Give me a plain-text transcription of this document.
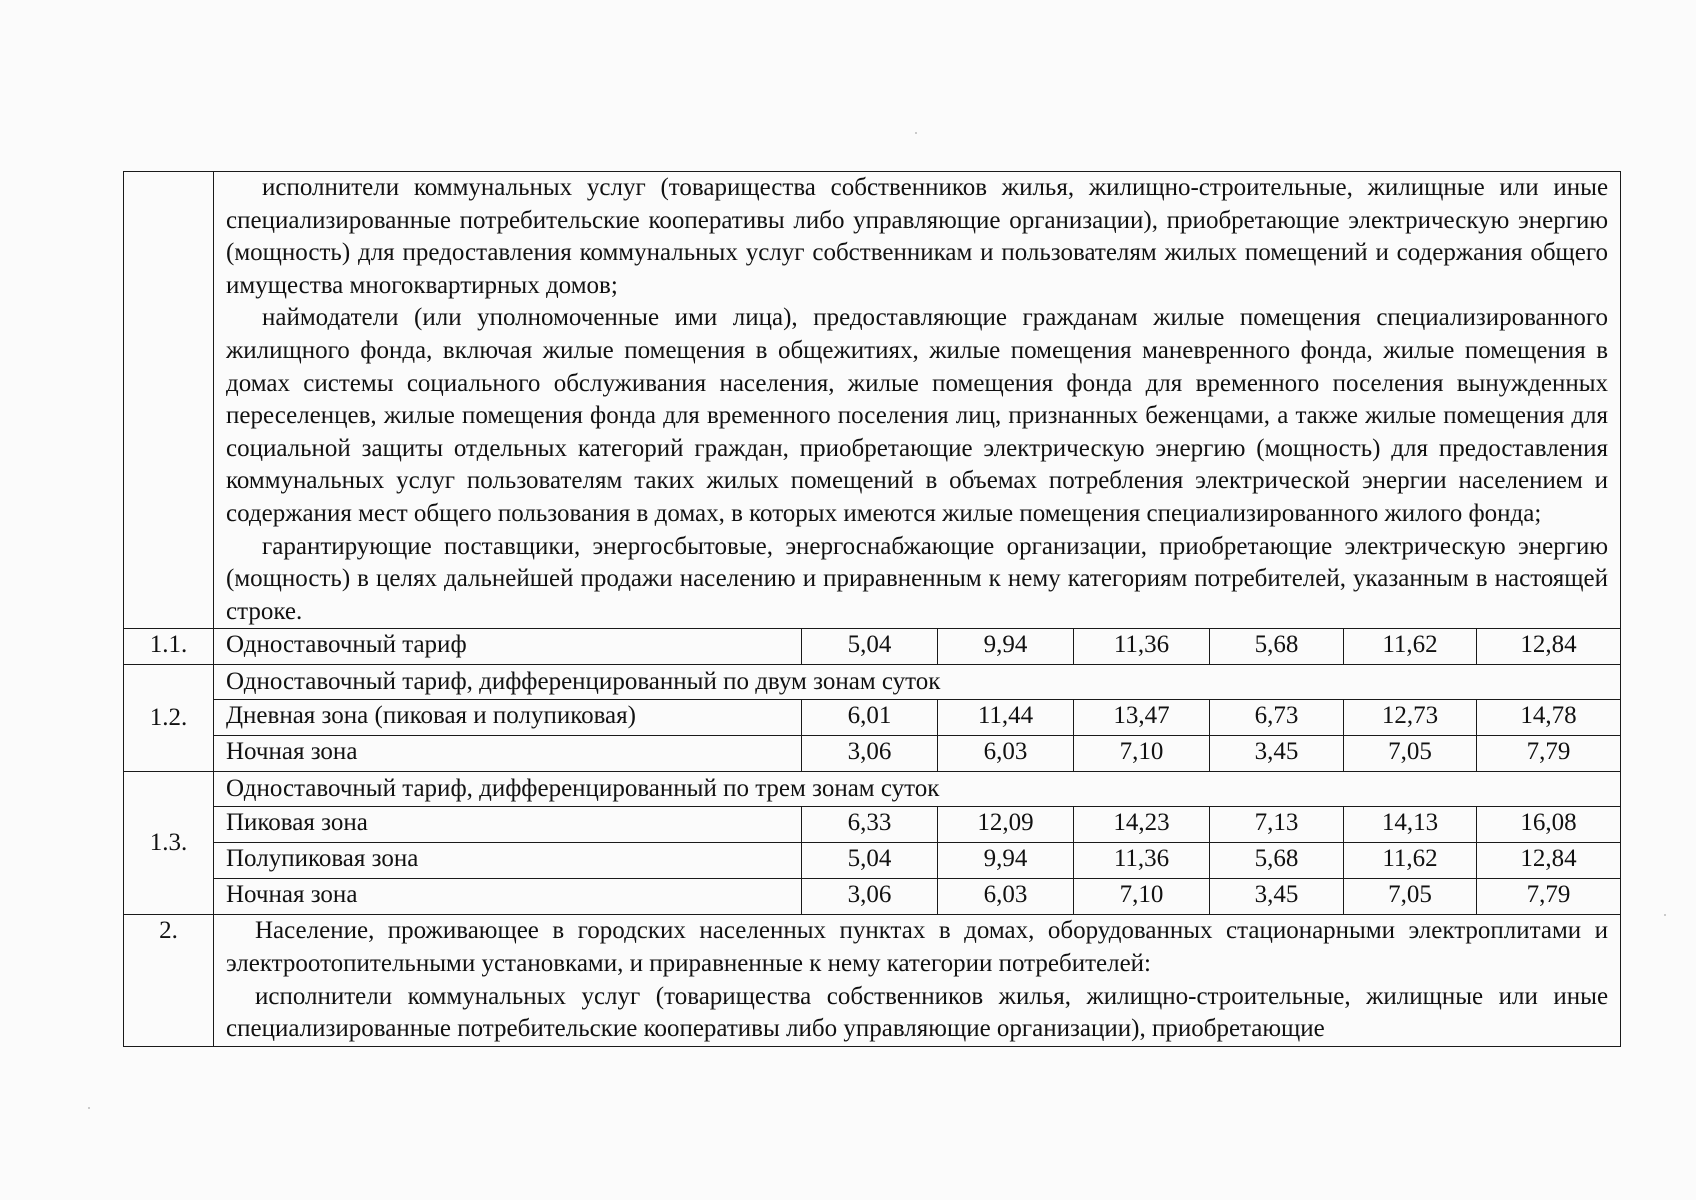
	исполнители коммунальных услуг (товарищества собственников жилья, жилищно-строительные, жилищные или иные специализированные потребительские кооперативы либо управляющие организации), приобретающие электрическую энергию (мощность) для предоставления коммунальных услуг собственникам и пользователям жилых помещений и содержания общего имущества многоквартирных домов;

наймодатели (или уполномоченные ими лица), предоставляющие гражданам жилые помещения специализированного жилищного фонда, включая жилые помещения в общежитиях, жилые помещения маневренного фонда, жилые помещения в домах системы социального обслуживания населения, жилые помещения фонда для временного поселения вынужденных переселенцев, жилые помещения фонда для временного поселения лиц, признанных беженцами, а также жилые помещения для социальной защиты отдельных категорий граждан, приобретающие электрическую энергию (мощность) для предоставления коммунальных услуг пользователям таких жилых помещений в объемах потребления электрической энергии населением и содержания мест общего пользования в домах, в которых имеются жилые помещения специализированного жилого фонда;

гарантирующие поставщики, энергосбытовые, энергоснабжающие организации, приобретающие электрическую энергию (мощность) в целях дальнейшей продажи населению и приравненным к нему категориям потребителей, указанным в настоящей строке.						

1.1.	Одноставочный тариф	5,04	9,94	11,36	5,68	11,62	12,84
1.2.	Одноставочный тариф, дифференцированный по двум зонам суток						
	Дневная зона (пиковая и полупиковая)	6,01	11,44	13,47	6,73	12,73	14,78
	Ночная зона	3,06	6,03	7,10	3,45	7,05	7,79
1.3.	Одноставочный тариф, дифференцированный по трем зонам суток						
	Пиковая зона	6,33	12,09	14,23	7,13	14,13	16,08
	Полупиковая зона	5,04	9,94	11,36	5,68	11,62	12,84
	Ночная зона	3,06	6,03	7,10	3,45	7,05	7,79
2.	Население, проживающее в городских населенных пунктах в домах, оборудованных стационарными электроплитами и электроотопительными установками, и приравненные к нему категории потребителей:

исполнители коммунальных услуг (товарищества собственников жилья, жилищно-строительные, жилищные или иные специализированные потребительские кооперативы либо управляющие организации), приобретающие						
